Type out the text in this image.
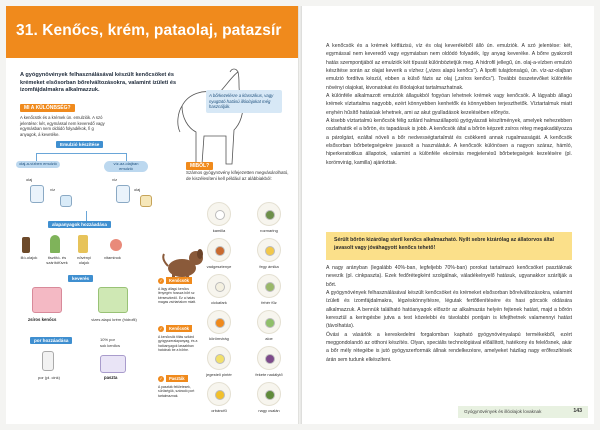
31. Kenőcs, krém, pataolaj, patazsír
A gyógynövények felhasználásával készült kenőcsöket és krémeket elsősorban bőrelváltozásokra, valamint ízületi és izomfájdalmakra alkalmazzuk.
MI A KÜLÖNBSÉG?
A kenőcsök és a krémek ún. emulziók. A szó jelentése: két, egymással nem keveredő vagy egymásban nem oldódó folyadékok, fi g anyagok, á kevetéke.
A bőrkezelésre a klasszikus, vagy nyugtató hatású illóolajokat még használják.
MIBŐL?
Számos gyógynövény kifejezetten megvásárolható, de kiszélesíteni kell például az alábbiakból:
Emulzió készítése
olaj-a-vízben emulzió	víz-az-olajban emulzió
olaj
víz
víz
olaj
alapanyagok hozzáadása
illó-olajok	tisztító- és szárítófüvek
növényi olajok
vitaminok
keverés
zsíros kenőcs	vizes alapú krém (hidrofil)
por hozzáadása	10% por
sok kenőcs
por (pl. cink)	paszta
✓	Kenőcsök
A lágy állagú kenőcs lényegén hossza bőrt sz kérseszkedő. Ez a hatás magas zsírtartalom miatt.
✓	Kenőcsök
A kenőcsök tiltás szilárd gyógyszeralapanyag, és a hatóanyagok lassabban hatolnak be a bőrbe.
✓	Paszták
A paszták felületesek, sűrűségük, száradó port tartalmaznak.
kamilla	rozmaring
vadgesztenye	fegy ámika
cickafark	fehér fűz
körömvirág	aloe
jegesteli pintér	fekete nadálytő
orbáncfű	nagy csalán

A kenőcsök és a krémek kétfázisú, víz és olaj keverékéből álló ún. emulziók. A szó jelentése: két, egymással nem keveredő vagy egymásban nem oldódó folyadék, így anyag keveréke. A bőrre gyakorolt hatás szempontjából az emulziók két típusát különböztetjük meg. A hidrofil jellegű, ún. olaj-a-vízben emulzió készítése során az olajat keverik a vízhez („vizes alapú kenőcs”). A lipofil tulajdonságú, ún. víz-az-olajban emulzió fordítva készül, ebben a külső fázis az olaj („zsíros kenőcs”). További összetevőket különféle növényi olajokat, kivonatokat és illóolajokat tartalmazhatnak.

A különféle alkalmazott emulziók állagukból fogyóan lehetnek krémek vagy kenőcsök. A lágyabb állagú krémek víztartalma nagyobb, ezért könnyebben kenhetők és könnyebben terjeszthetők. Víztartalmuk miatt enyhén hűsítő hatásúak lehetnek, ami az akut gyulladások kezelésében előnyös.

A kisebb víztartalmú kenőcsök félig szilárd halmazállapotú gyógyászati készítmények, amelyek nehezebben oszlathatók el a bőrön, és tapadásuk is jobb. A kenőcsök által a bőrön képzett zsíros réteg megakadályozza a párolgást, ezáltal növeli a bőr nedvességtartalmát és csökkenti annak rugalmasságát. A kenőcsök elsősorban bőrbetegségekre javasolt a használatuk. A kenőcsök különösen a nagyon száraz, hámló, hiperkeratotikus állapotok, valamint a különféle ekcémás megjelenésű bőrbetegségek kezelésére (pl. korömvirág, kamilla) ajánlottak.

Sérült bőrön kizárólag steril kenőcs alkalmazható. Nyílt sebre kizárólag az állatorvos által javasolt vagy jóváhagyott kenőcs tehető!

A nagy arányban (legalább 40%-ban, legfeljebb 70%-ban) porokat tartalmazó kenőcsöket pasztáknak nevezik (pl. cinkpaszta). Ezek fedőrétegként szolgálnak, váladékelnyelő hatásuk, ugyanakkor szárítják a bőrt.

A gyógynövények felhasználásával készült kenőcsöket és krémeket elsősorban bőrelváltozásokra, valamint ízületi és izomfájdalmakra, légzéskönnyítésre, légutak fertőtlenítésére és hasi görcsök oldására alkalmazzuk. A bennük található hatóanyagok először az alkalmazás helyén fejtenek hatást, majd a bőrön keresztül a keringésbe jutva a test közelebbi és távolabbi pontjain is kifejthetnek valamennyi hatást (távolhatás).

Óvási a vásárlók a kereskedelmi forgalomban kapható gyógynövényalapú termékekből, ezért meggondolandó az otthoni készítés. Olyan, speciális technológiával előállított, hatékony és felelősnek, akár a bőr mély rétegébe is jutó gyógyszerformák állnak rendelkezésre, amelyeket házilag nagy erőfeszítések árán sem tudunk elkészíteni.

Gyógynövények és illóolajok lovaknak	143
